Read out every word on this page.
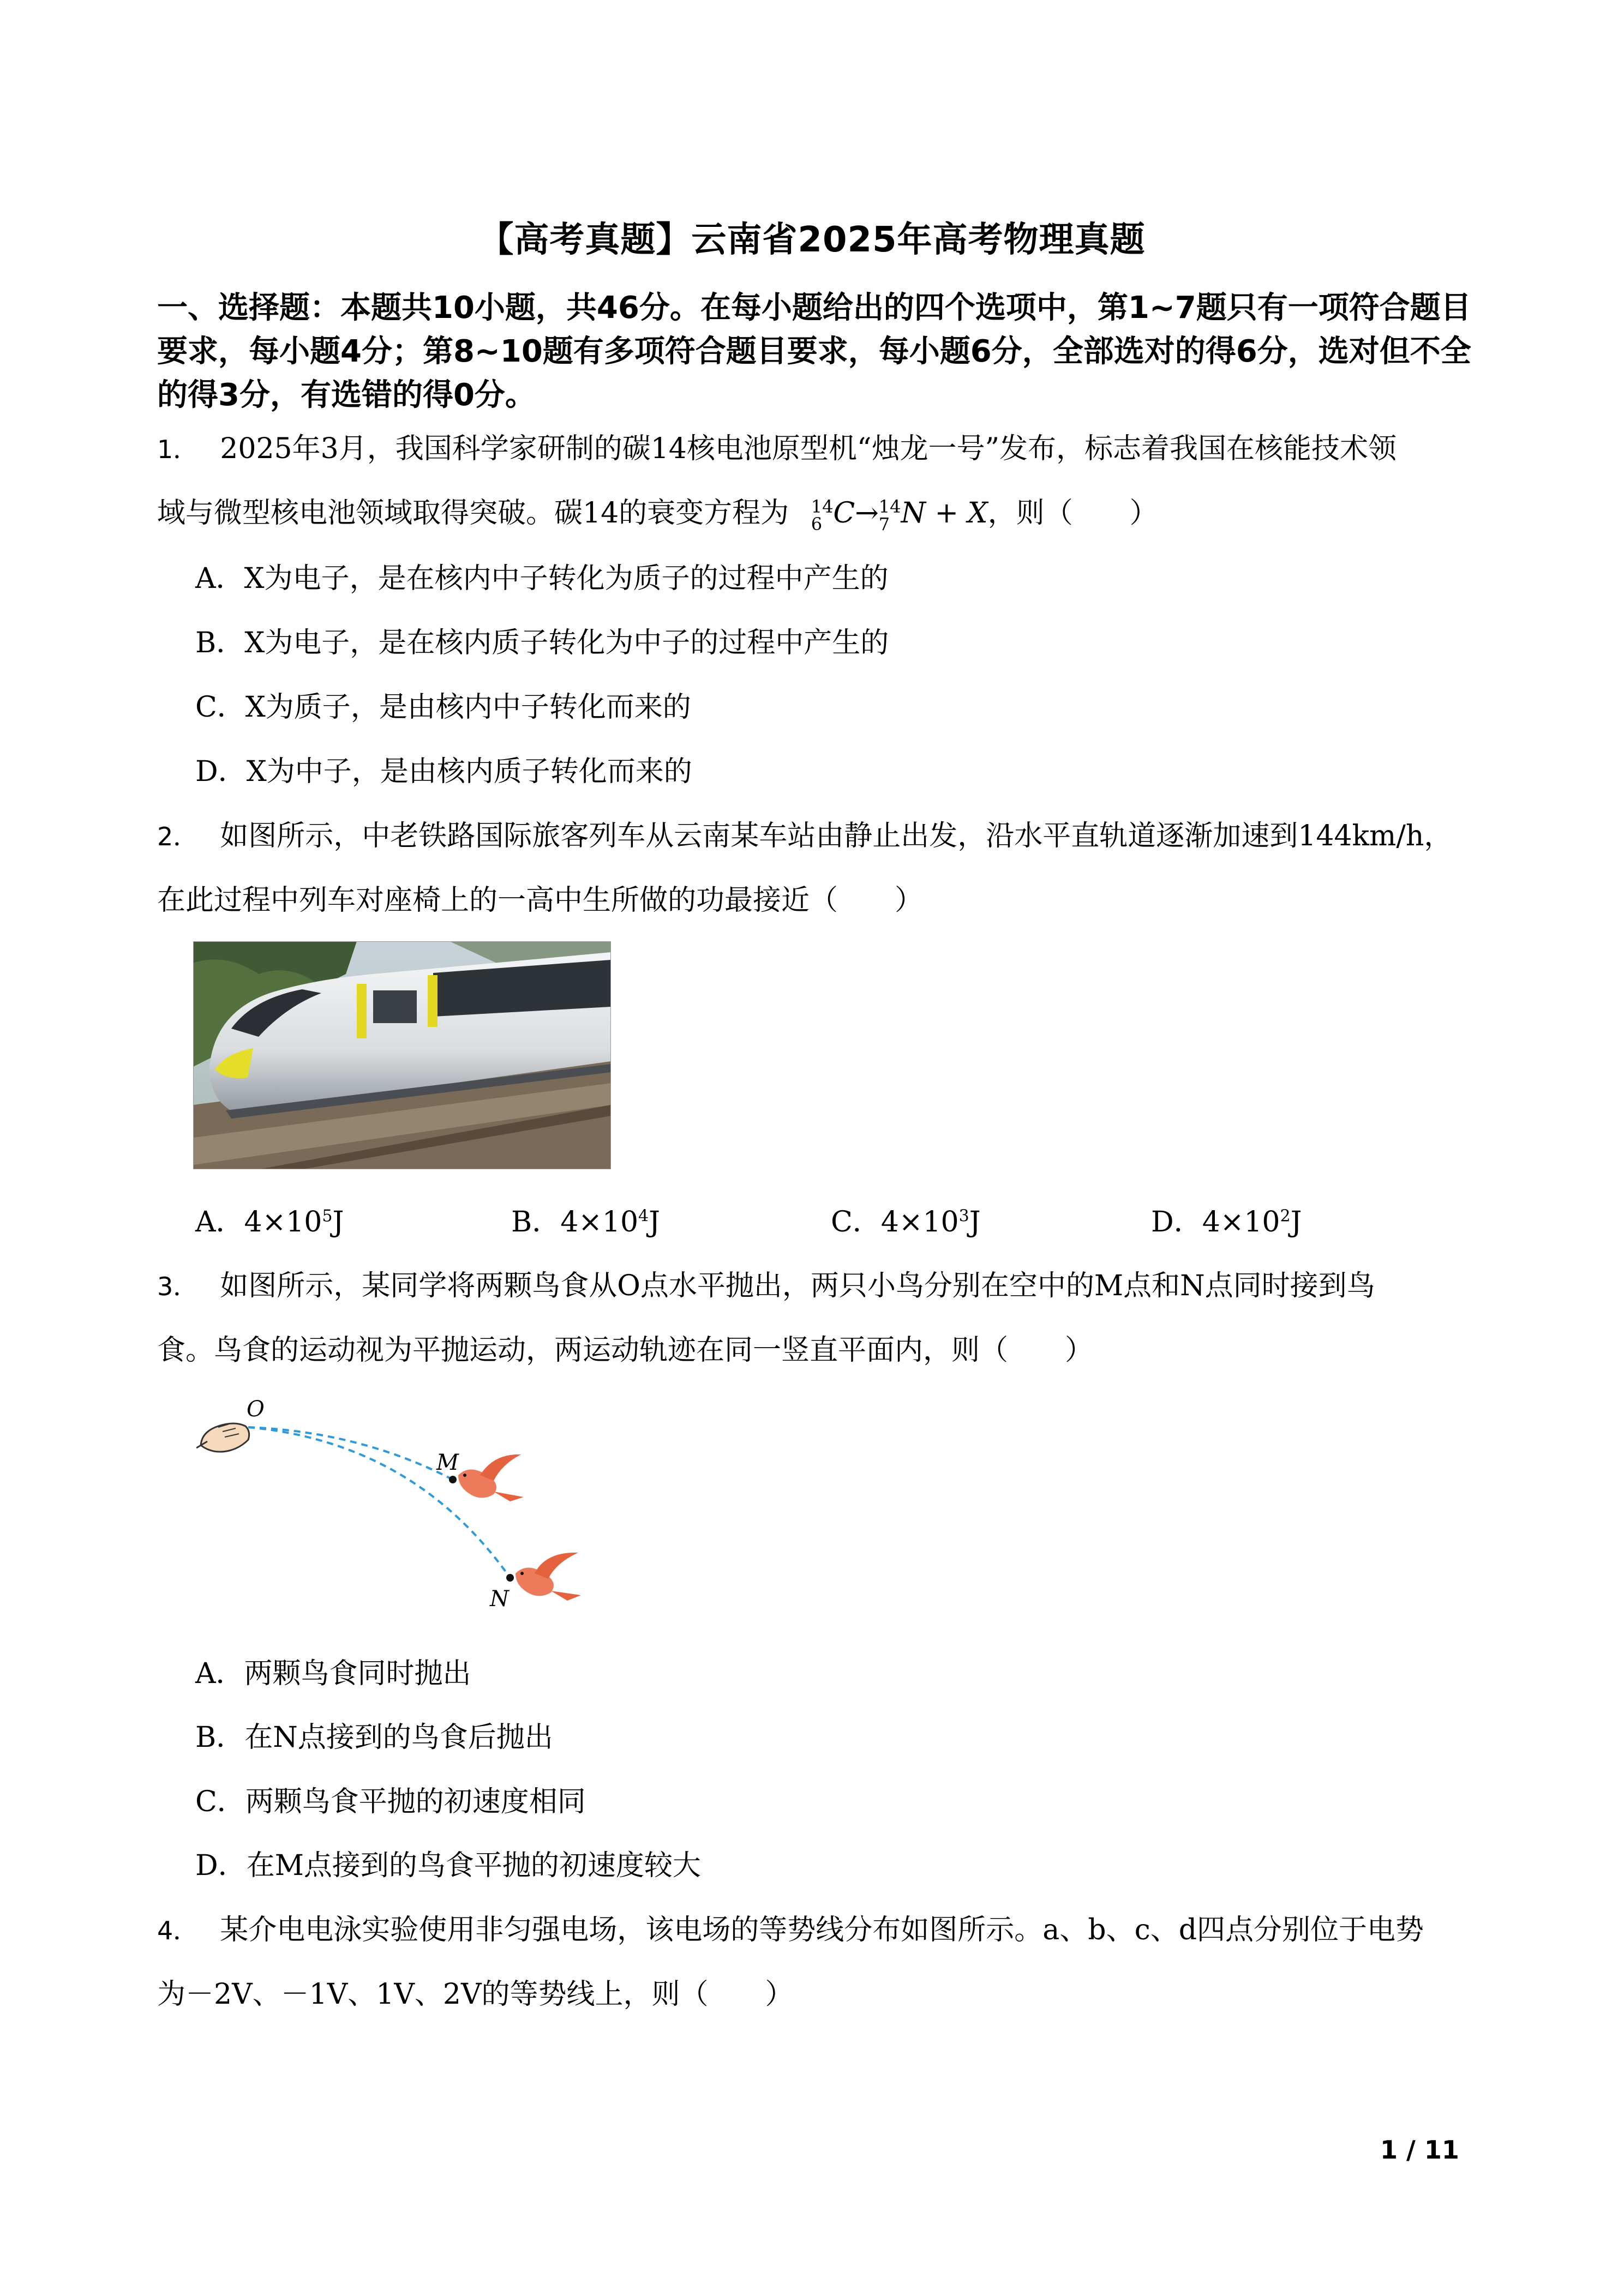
【高考真题】云南省2025年高考物理真题
一、选择题：本题共10小题，共46分。在每小题给出的四个选项中，第1~7题只有一项符合题目要求，每小题4分；第8~10题有多项符合题目要求，每小题6分，全部选对的得6分，选对但不全的得3分，有选错的得0分。
1． 2025年3月，我国科学家研制的碳14核电池原型机“烛龙一号”发布，标志着我国在核能技术领
域与微型核电池领域取得突破。碳14的衰变方程为 14
6 C→ 14
7 N + X，则（　　）
A．X为电子，是在核内中子转化为质子的过程中产生的
B．X为电子，是在核内质子转化为中子的过程中产生的
C．X为质子，是由核内中子转化而来的
D．X为中子，是由核内质子转化而来的
2． 如图所示，中老铁路国际旅客列车从云南某车站由静止出发，沿水平直轨道逐渐加速到144km/h，
在此过程中列车对座椅上的一高中生所做的功最接近（　　）
A．$4\times 10^5J$	B．$4\times 10^4J$	C．$4\times 10^3J$	D．$4\times 10^2J$
3． 如图所示，某同学将两颗鸟食从O点水平抛出，两只小鸟分别在空中的M点和N点同时接到鸟
食。鸟食的运动视为平抛运动，两运动轨迹在同一竖直平面内，则（　　）
O
M
N
A．两颗鸟食同时抛出
B．在N点接到的鸟食后抛出
C．两颗鸟食平抛的初速度相同
D．在M点接到的鸟食平抛的初速度较大
4． 某介电电泳实验使用非匀强电场，该电场的等势线分布如图所示。a、b、c、d四点分别位于电势
为－2V、－1V、1V、2V的等势线上，则（　　）
1 / 11
